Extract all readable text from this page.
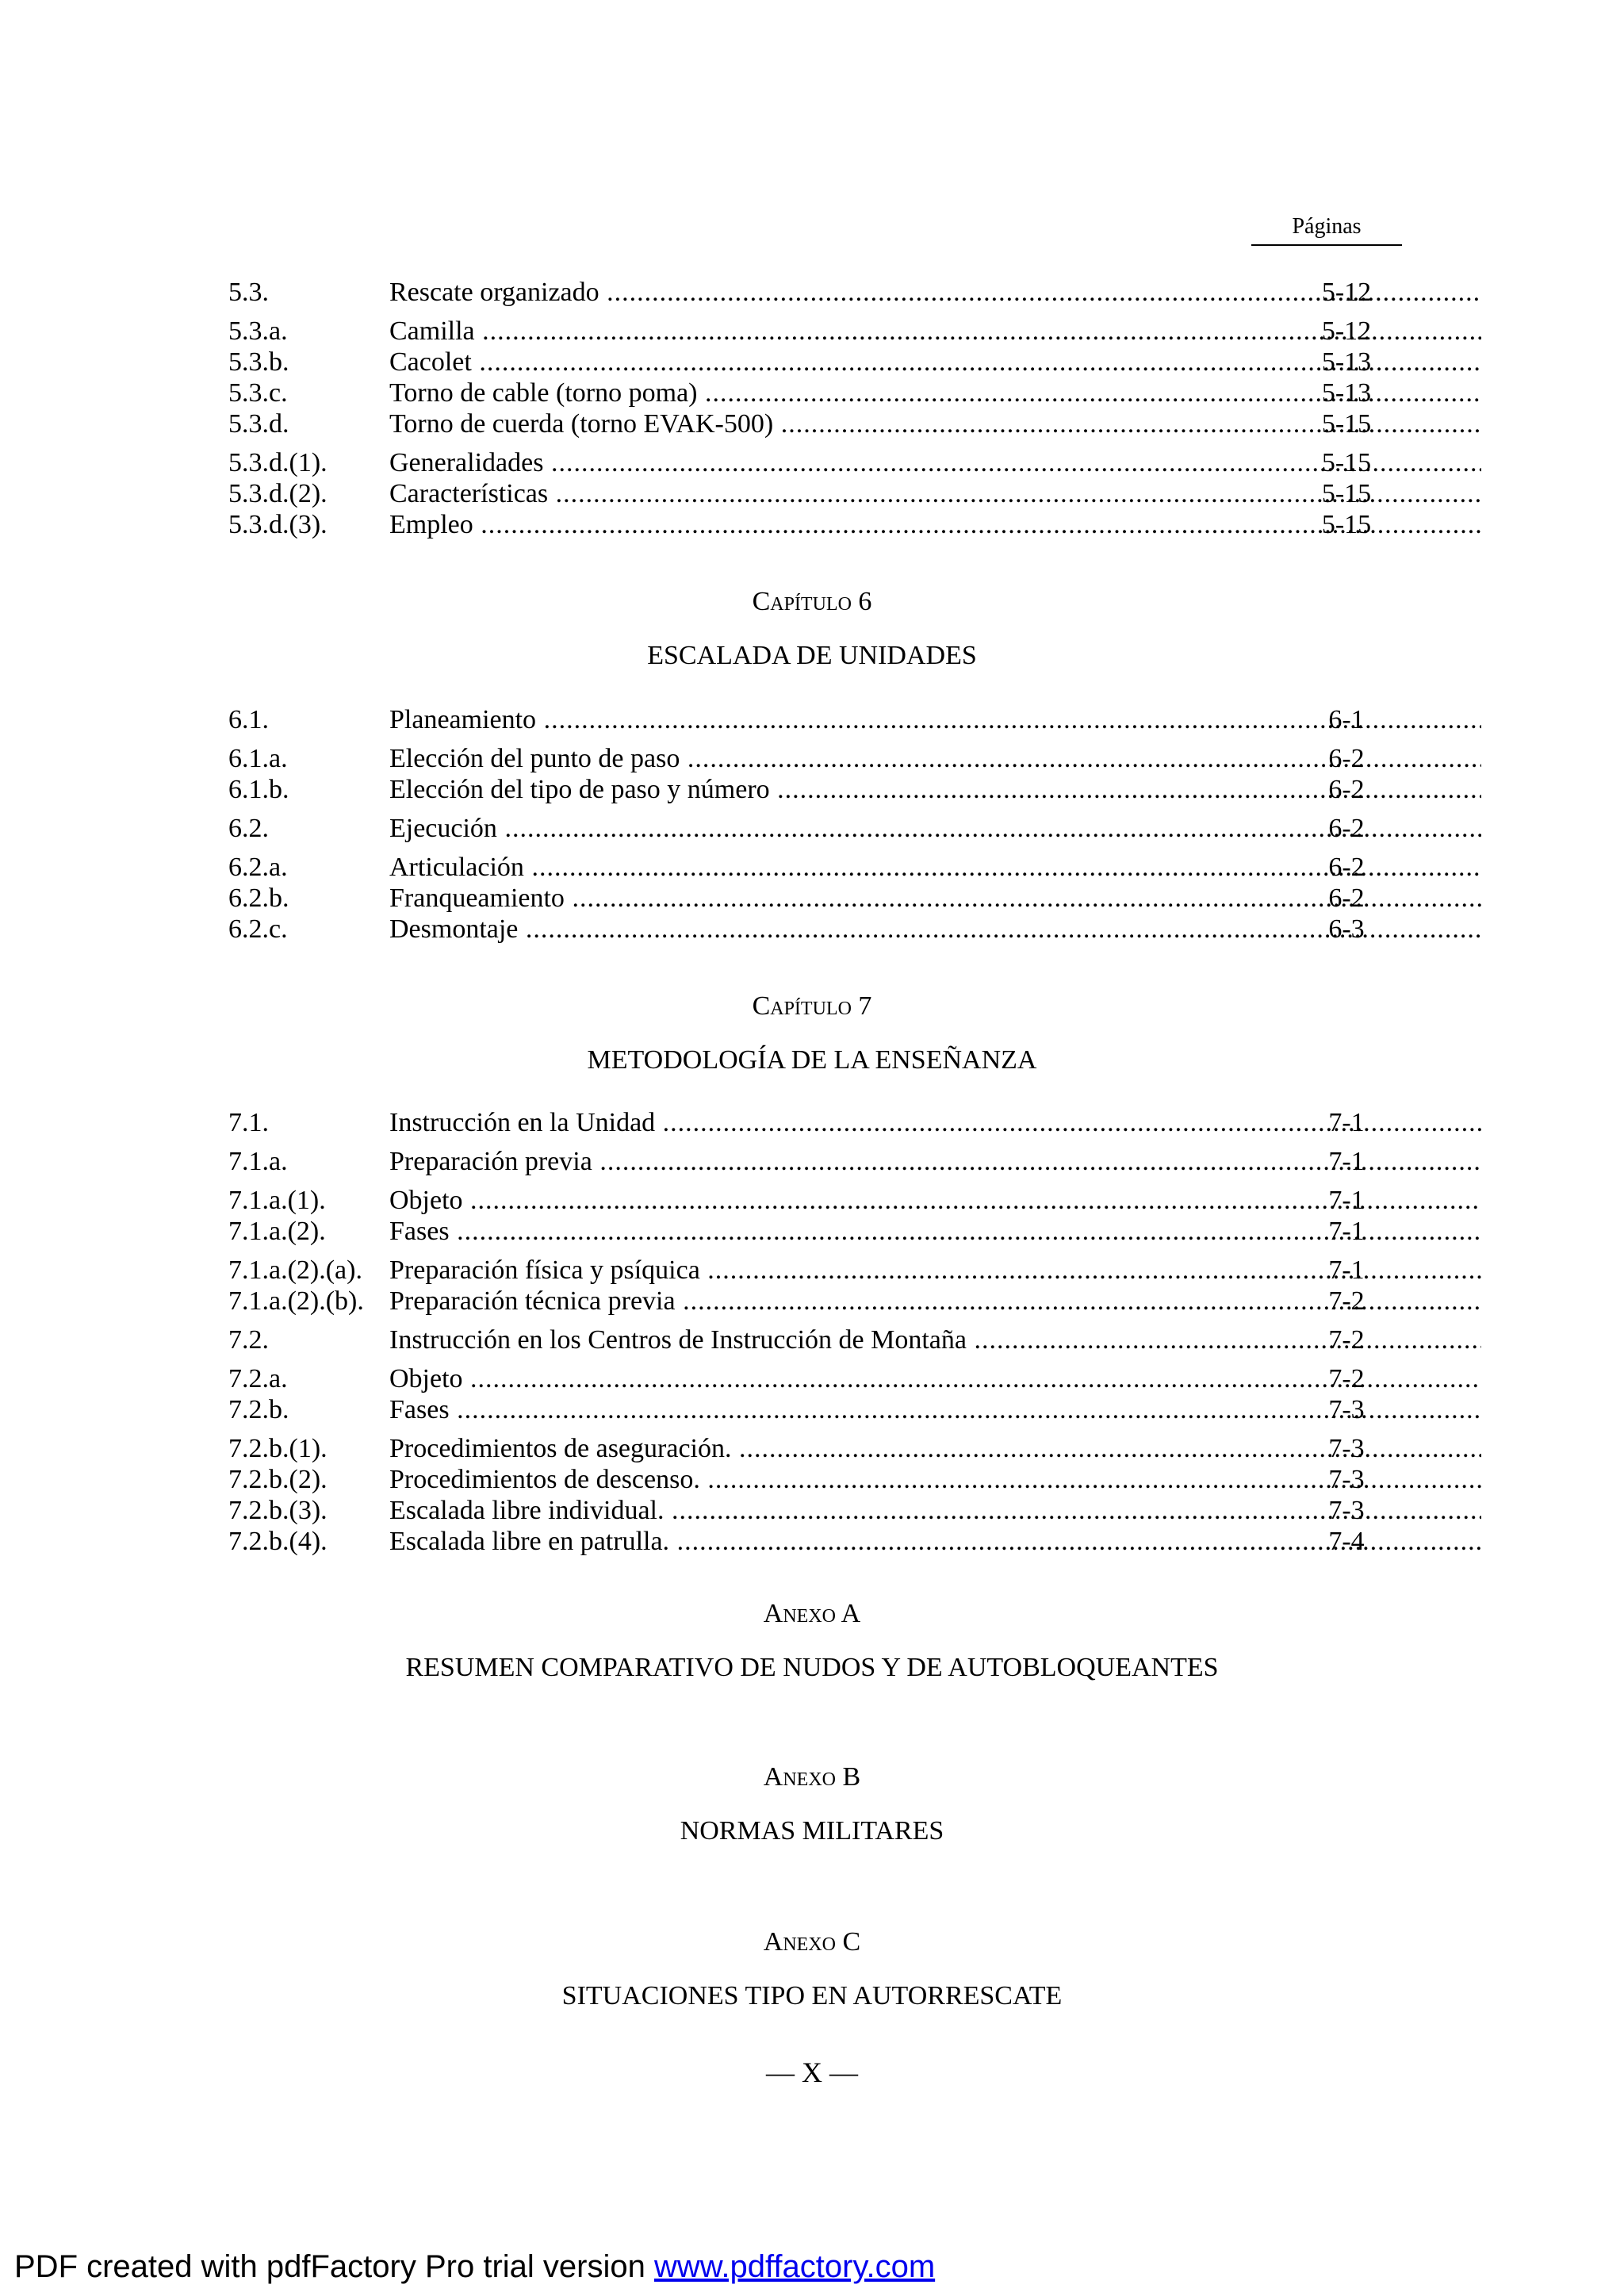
Páginas
5.3.	Rescate organizado .....	5-12
5.3.a.	Camilla .....	5-12
5.3.b.	Cacolet .....	5-13
5.3.c.	Torno de cable (torno poma) .....	5-13
5.3.d.	Torno de cuerda (torno EVAK-500) .....	5-15
5.3.d.(1). Generalidades .....	5-15
5.3.d.(2). Características .....	5-15
5.3.d.(3). Empleo .....	5-15
Capítulo 6
ESCALADA DE UNIDADES
6.1.	Planeamiento .....	6-1
6.1.a.	Elección del punto de paso .....	6-2
6.1.b.	Elección del tipo de paso y número .....	6-2
6.2.	Ejecución .....	6-2
6.2.a.	Articulación .....	6-2
6.2.b.	Franqueamiento .....	6-2
6.2.c.	Desmontaje .....	6-3
Capítulo 7
METODOLOGÍA DE LA ENSEÑANZA
7.1.	Instrucción en la Unidad .....	7-1
7.1.a.	Preparación previa .....	7-1
7.1.a.(1). Objeto .....	7-1
7.1.a.(2). Fases .....	7-1
7.1.a.(2).(a). Preparación física y psíquica .....	7-1
7.1.a.(2).(b). Preparación técnica previa .....	7-2
7.2.	Instrucción en los Centros de Instrucción de Montaña .....	7-2
7.2.a.	Objeto .....	7-2
7.2.b.	Fases .....	7-3
7.2.b.(1). Procedimientos de aseguración. .....	7-3
7.2.b.(2). Procedimientos de descenso. .....	7-3
7.2.b.(3). Escalada libre individual. .....	7-3
7.2.b.(4). Escalada libre en patrulla. .....	7-4
Anexo A
RESUMEN COMPARATIVO DE NUDOS Y DE AUTOBLOQUEANTES
Anexo B
NORMAS MILITARES
Anexo C
SITUACIONES TIPO EN AUTORRESCATE
— X —
PDF created with pdfFactory Pro trial version www.pdffactory.com
